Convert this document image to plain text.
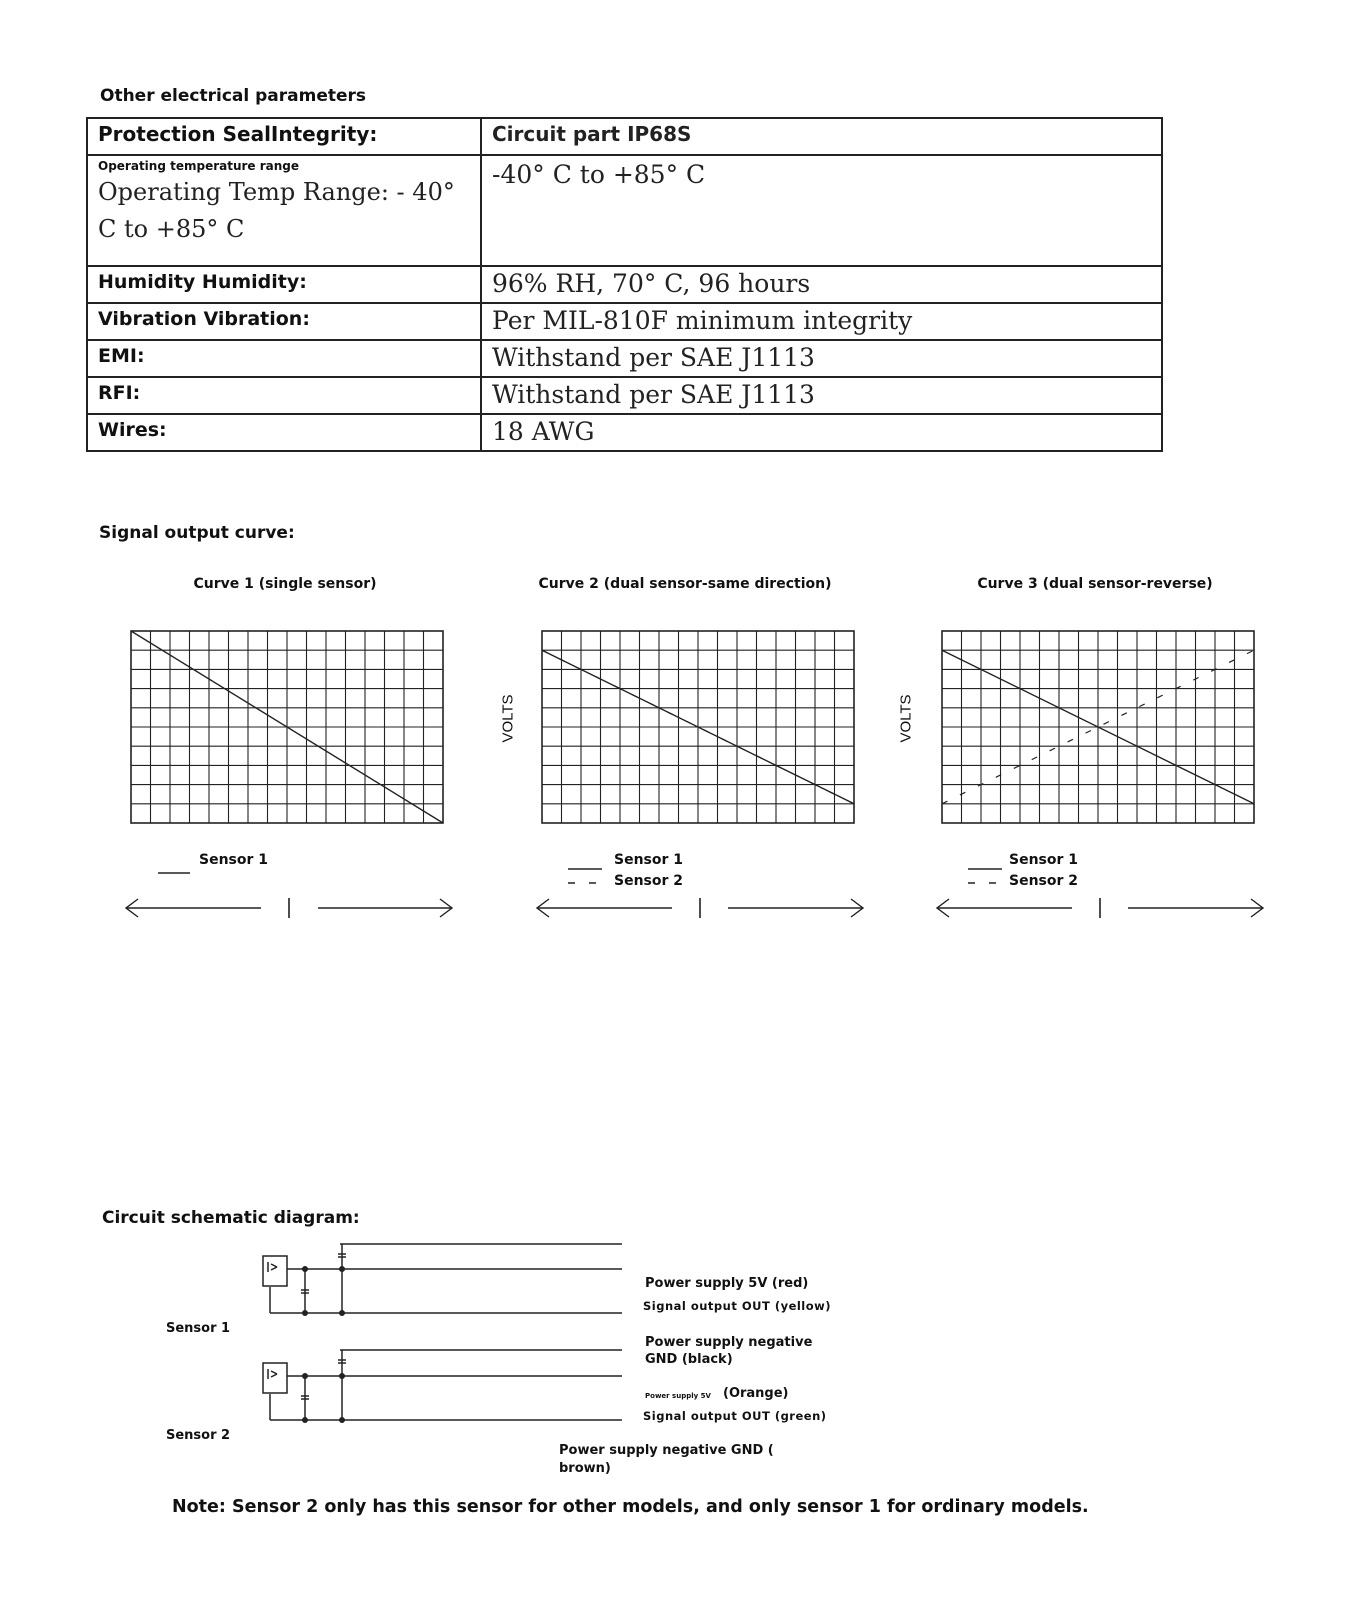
Other electrical parameters
Protection SealIntegrity:	Circuit part IP68S

Operating temperature range
Operating Temp Range: - 40° C to +85° C	-40° C to +85° C
Humidity Humidity:	96% RH, 70° C, 96 hours
Vibration Vibration:	Per MIL-810F minimum integrity
EMI:	Withstand per SAE J1113
RFI:	Withstand per SAE J1113
Wires:	18 AWG
Signal output curve:
Curve 1 (single sensor)	Curve 2 (dual sensor-same direction)	Curve 3 (dual sensor-reverse)
VOLTS	VOLTS
Sensor 1	Sensor 1
Sensor 2
Sensor 1
Sensor 2
Circuit schematic diagram:
Sensor 1
Sensor 2
Power supply 5V (red)
Signal output OUT (yellow)
Power supply negative
GND (black)
Power supply 5V (Orange)
Signal output OUT (green)
Power supply negative GND (
brown)
Note: Sensor 2 only has this sensor for other models, and only sensor 1 for ordinary models.
